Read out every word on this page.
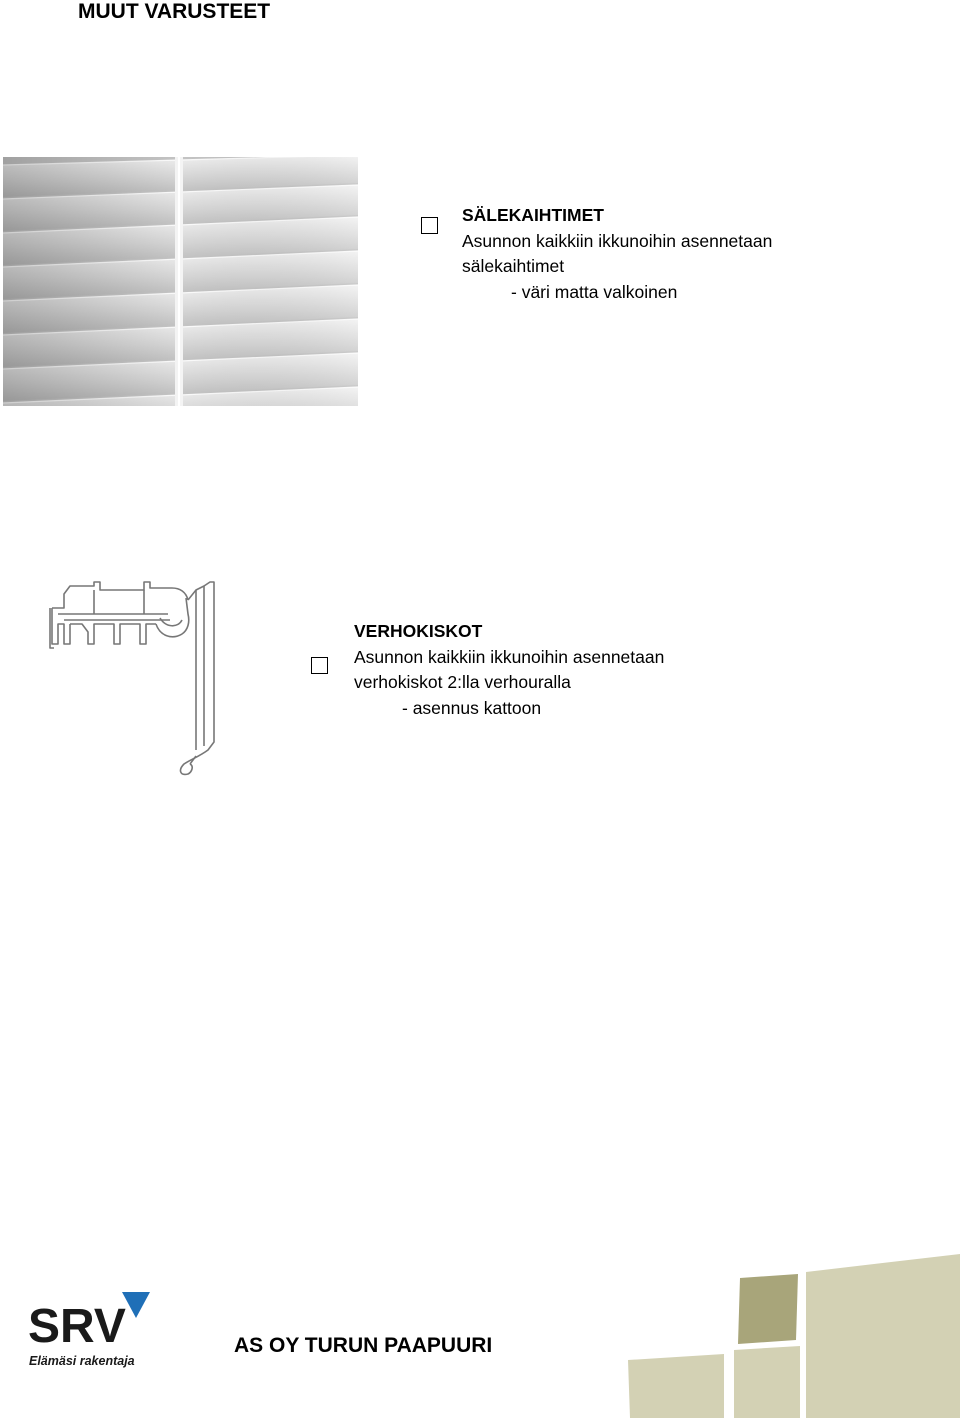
MUUT VARUSTEET
SÄLEKAIHTIMET
Asunnon kaikkiin ikkunoihin asennetaan
sälekaihtimet
- väri matta valkoinen
VERHOKISKOT
Asunnon kaikkiin ikkunoihin asennetaan
verhokiskot 2:lla verhouralla
- asennus kattoon
SRV
Elämäsi rakentaja
AS OY TURUN PAAPUURI
